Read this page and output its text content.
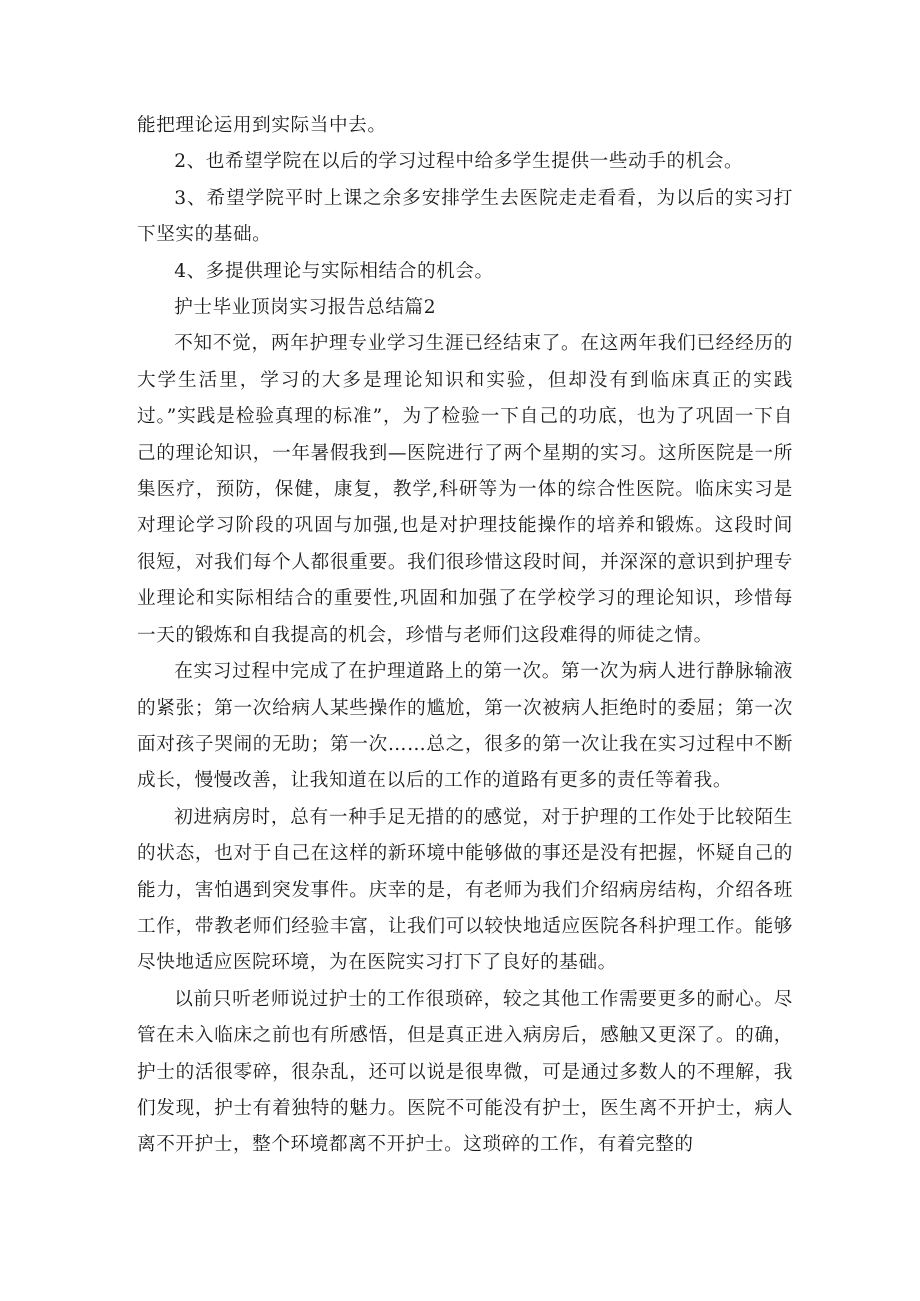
能把理论运用到实际当中去。

2、也希望学院在以后的学习过程中给多学生提供一些动手的机会。

3、希望学院平时上课之余多安排学生去医院走走看看，为以后的实习打下坚实的基础。

4、多提供理论与实际相结合的机会。

护士毕业顶岗实习报告总结篇2

不知不觉，两年护理专业学习生涯已经结束了。在这两年我们已经经历的大学生活里，学习的大多是理论知识和实验，但却没有到临床真正的实践过。”实践是检验真理的标准”，为了检验一下自己的功底，也为了巩固一下自己的理论知识，一年暑假我到—医院进行了两个星期的实习。这所医院是一所集医疗，预防，保健，康复，教学,科研等为一体的综合性医院。临床实习是对理论学习阶段的巩固与加强,也是对护理技能操作的培养和锻炼。这段时间很短，对我们每个人都很重要。我们很珍惜这段时间，并深深的意识到护理专业理论和实际相结合的重要性,巩固和加强了在学校学习的理论知识，珍惜每一天的锻炼和自我提高的机会，珍惜与老师们这段难得的师徒之情。

在实习过程中完成了在护理道路上的第一次。第一次为病人进行静脉输液的紧张；第一次给病人某些操作的尴尬，第一次被病人拒绝时的委屈；第一次面对孩子哭闹的无助；第一次……总之，很多的第一次让我在实习过程中不断成长，慢慢改善，让我知道在以后的工作的道路有更多的责任等着我。

初进病房时，总有一种手足无措的的感觉，对于护理的工作处于比较陌生的状态，也对于自己在这样的新环境中能够做的事还是没有把握，怀疑自己的能力，害怕遇到突发事件。庆幸的是，有老师为我们介绍病房结构，介绍各班工作，带教老师们经验丰富，让我们可以较快地适应医院各科护理工作。能够尽快地适应医院环境，为在医院实习打下了良好的基础。

以前只听老师说过护士的工作很琐碎，较之其他工作需要更多的耐心。尽管在未入临床之前也有所感悟，但是真正进入病房后，感触又更深了。的确，护士的活很零碎，很杂乱，还可以说是很卑微，可是通过多数人的不理解，我们发现，护士有着独特的魅力。医院不可能没有护士，医生离不开护士，病人离不开护士，整个环境都离不开护士。这琐碎的工作，有着完整的
